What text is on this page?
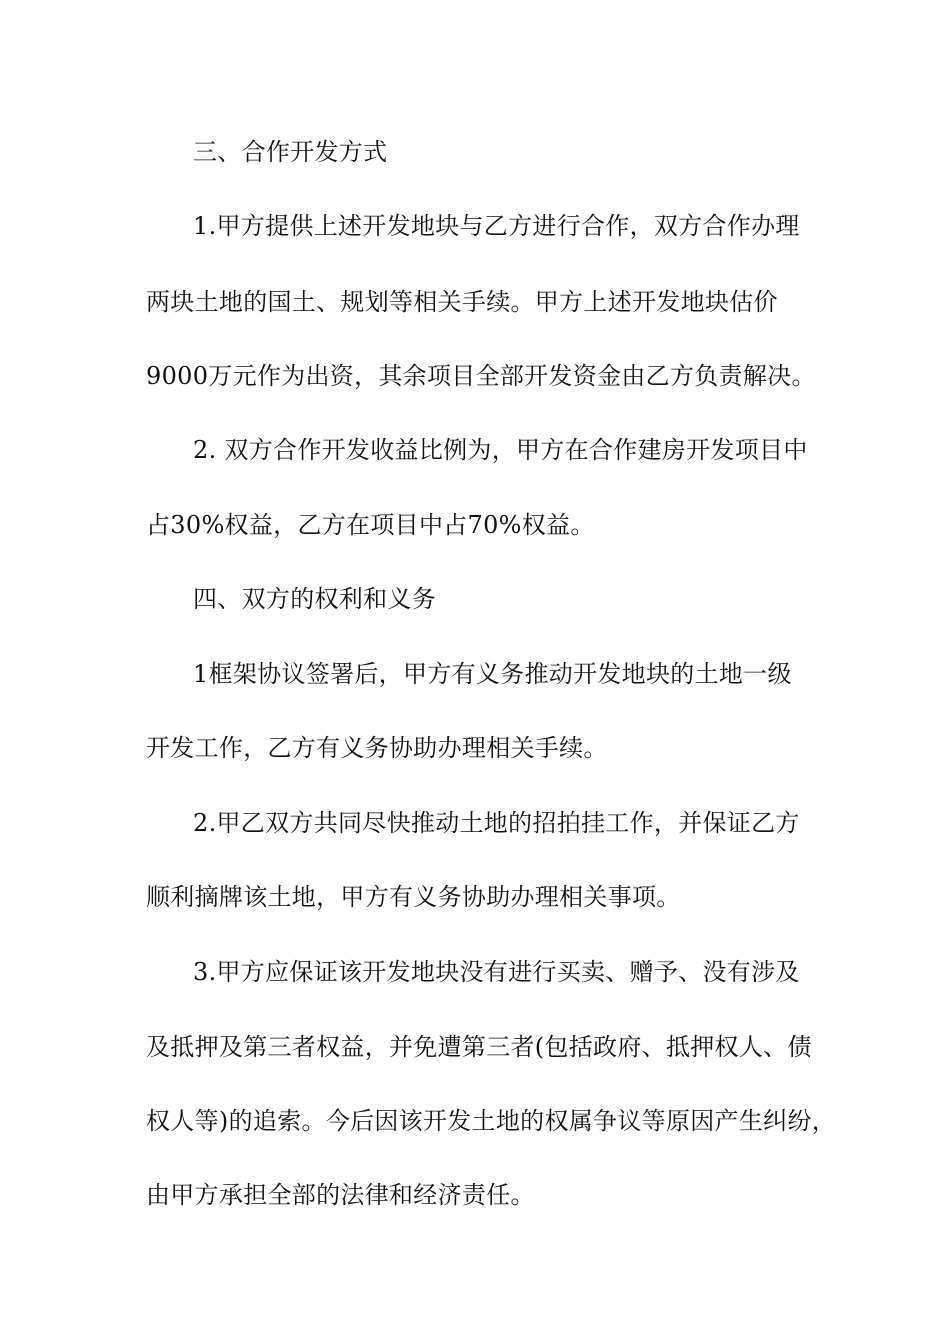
三、合作开发方式
1.甲方提供上述开发地块与乙方进行合作，双方合作办理
两块土地的国土、规划等相关手续。甲方上述开发地块估价
9000万元作为出资，其余项目全部开发资金由乙方负责解决。
2. 双方合作开发收益比例为，甲方在合作建房开发项目中
占30%权益，乙方在项目中占70%权益。
四、双方的权利和义务
1框架协议签署后，甲方有义务推动开发地块的土地一级
开发工作，乙方有义务协助办理相关手续。
2.甲乙双方共同尽快推动土地的招拍挂工作，并保证乙方
顺利摘牌该土地，甲方有义务协助办理相关事项。
3.甲方应保证该开发地块没有进行买卖、赠予、没有涉及
及抵押及第三者权益，并免遭第三者(包括政府、抵押权人、债
权人等)的追索。今后因该开发土地的权属争议等原因产生纠纷，
由甲方承担全部的法律和经济责任。
